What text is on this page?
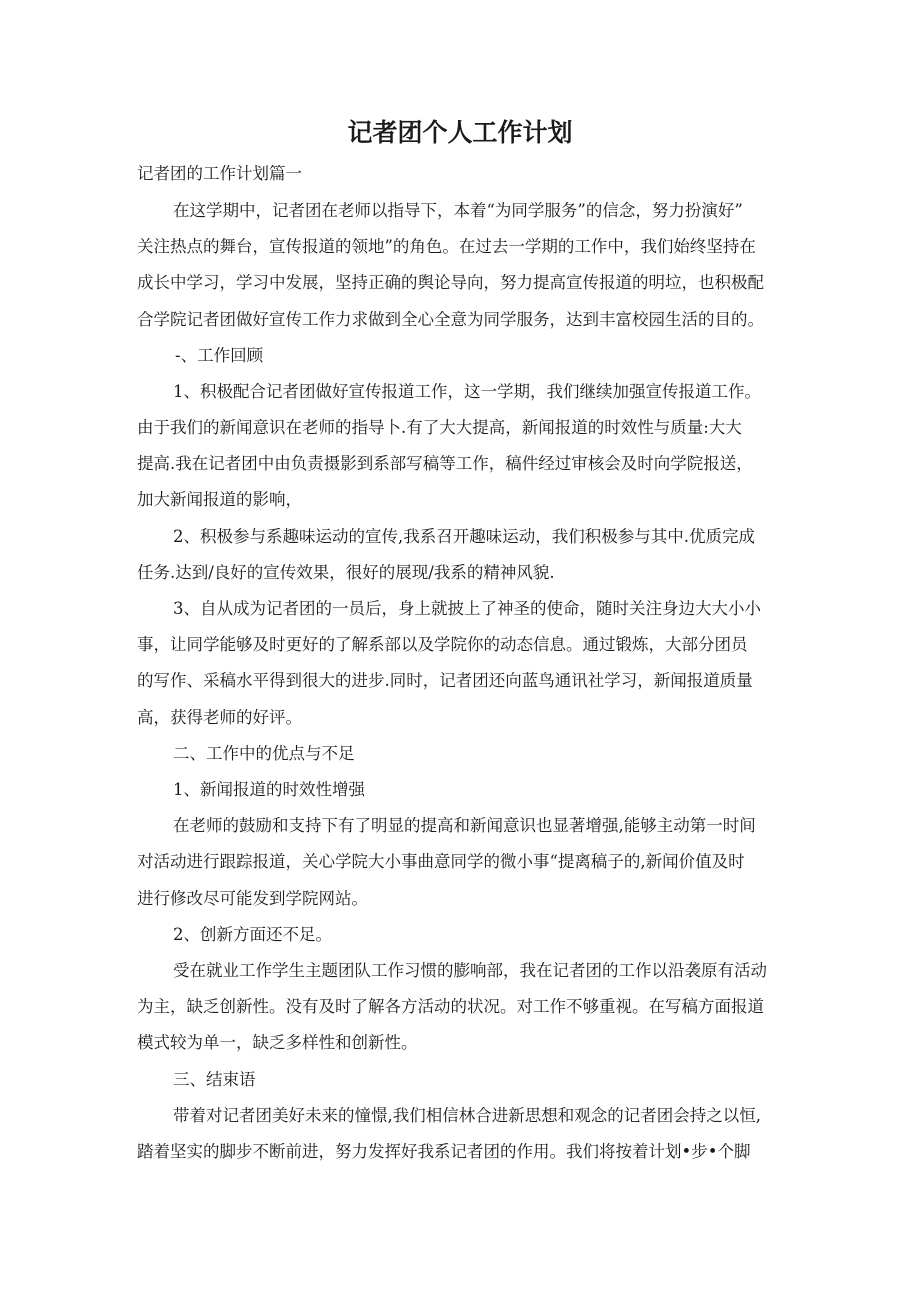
记者团个人工作计划
记者团的工作计划篇一
在这学期中，记者团在老师以指导下，本着“为同学服务”的信念，努力扮演好”
关注热点的舞台，宣传报道的领地”的角色。在过去一学期的工作中，我们始终坚持在
成长中学习，学习中发展，坚持正确的舆论导向，努力提高宣传报道的明垃，也积极配
合学院记者团做好宣传工作力求做到全心全意为同学服务，达到丰富校园生活的目的。
-、工作回顾
1、积极配合记者团做好宣传报道工作，这一学期，我们继续加强宣传报道工作。
由于我们的新闻意识在老师的指导卜.有了大大提高，新闻报道的时效性与质量:大大
提高.我在记者团中由负责摄影到系部写稿等工作，稿件经过审核会及时向学院报送，
加大新闻报道的影响，
2、积极参与系趣味运动的宣传,我系召开趣味运动，我们积极参与其中.优质完成
任务.达到/良好的宣传效果，很好的展现/我系的精神风貌.
3、自从成为记者团的一员后，身上就披上了神圣的使命，随时关注身边大大小小
事，让同学能够及时更好的了解系部以及学院你的动态信息。通过锻炼，大部分团员
的写作、采稿水平得到很大的进步.同时，记者团还向蓝鸟通讯社学习，新闻报道质量
高，获得老师的好评。
二、工作中的优点与不足
1、新闻报道的时效性增强
在老师的鼓励和支持下有了明显的提高和新闻意识也显著增强,能够主动第一时间
对活动进行跟踪报道，关心学院大小事曲意同学的微小事“提离稿子的,新闻价值及时
进行修改尽可能发到学院网站。
2、创新方面还不足。
受在就业工作学生主题团队工作习惯的膨响部，我在记者团的工作以沿袭原有活动
为主，缺乏创新性。没有及时了解各方活动的状况。对工作不够重视。在写稿方面报道
模式较为单一，缺乏多样性和创新性。
三、结束语
带着对记者团美好未来的憧憬,我们相信林合进新思想和观念的记者团会持之以恒,
踏着坚实的脚步不断前进，努力发挥好我系记者团的作用。我们将按着计划•步•个脚
